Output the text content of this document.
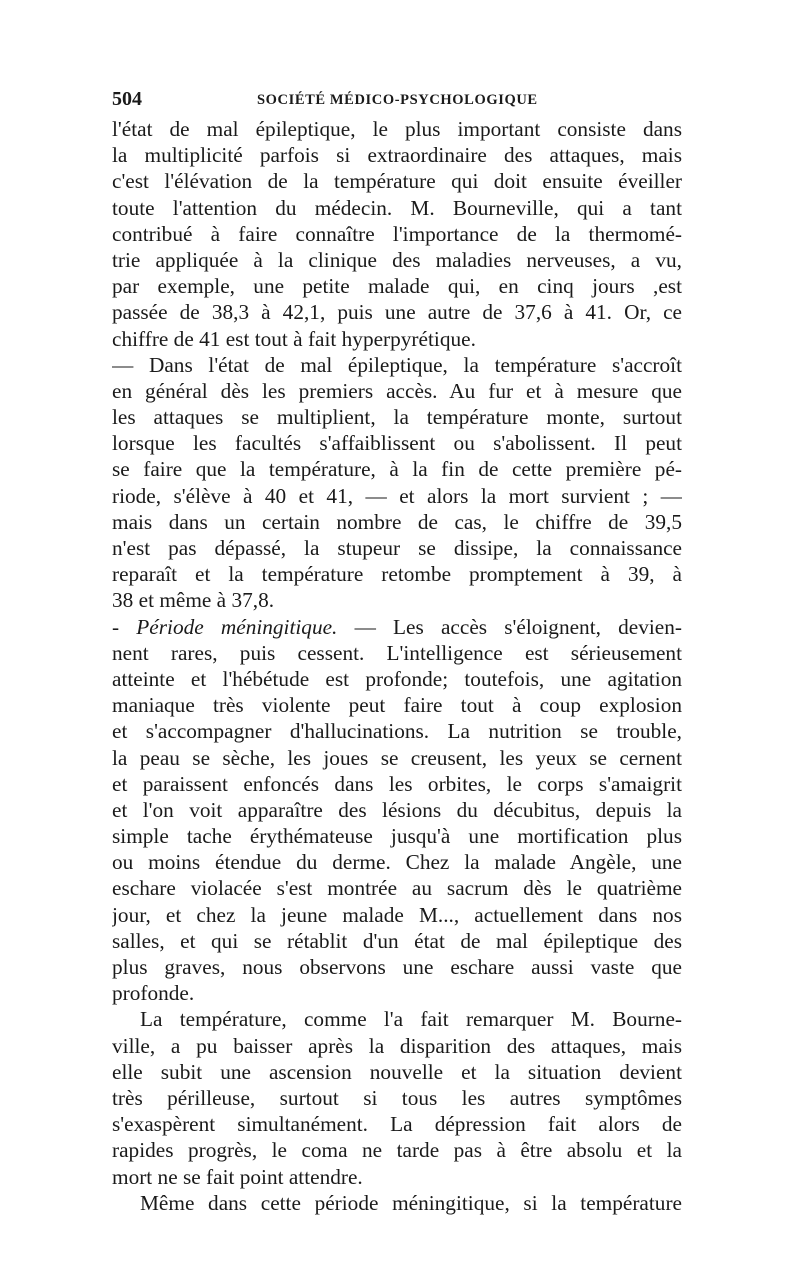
504	SOCIÉTÉ MÉDICO-PSYCHOLOGIQUE
l'état de mal épileptique, le plus important consiste dans
la multiplicité parfois si extraordinaire des attaques, mais
c'est l'élévation de la température qui doit ensuite éveiller
toute l'attention du médecin. M. Bourneville, qui a tant
contribué à faire connaître l'importance de la thermomé-
trie appliquée à la clinique des maladies nerveuses, a vu,
par exemple, une petite malade qui, en cinq jours ,est
passée de 38,3 à 42,1, puis une autre de 37,6 à 41. Or, ce
chiffre de 41 est tout à fait hyperpyrétique.
— Dans l'état de mal épileptique, la température s'accroît
en général dès les premiers accès. Au fur et à mesure que
les attaques se multiplient, la température monte, surtout
lorsque les facultés s'affaiblissent ou s'abolissent. Il peut
se faire que la température, à la fin de cette première pé-
riode, s'élève à 40 et 41, — et alors la mort survient ; —
mais dans un certain nombre de cas, le chiffre de 39,5
n'est pas dépassé, la stupeur se dissipe, la connaissance
reparaît et la température retombe promptement à 39, à
38 et même à 37,8.
- Période méningitique. — Les accès s'éloignent, devien-
nent rares, puis cessent. L'intelligence est sérieusement
atteinte et l'hébétude est profonde; toutefois, une agitation
maniaque très violente peut faire tout à coup explosion
et s'accompagner d'hallucinations. La nutrition se trouble,
la peau se sèche, les joues se creusent, les yeux se cernent
et paraissent enfoncés dans les orbites, le corps s'amaigrit
et l'on voit apparaître des lésions du décubitus, depuis la
simple tache érythémateuse jusqu'à une mortification plus
ou moins étendue du derme. Chez la malade Angèle, une
eschare violacée s'est montrée au sacrum dès le quatrième
jour, et chez la jeune malade M..., actuellement dans nos
salles, et qui se rétablit d'un état de mal épileptique des
plus graves, nous observons une eschare aussi vaste que
profonde.
La température, comme l'a fait remarquer M. Bourne-
ville, a pu baisser après la disparition des attaques, mais
elle subit une ascension nouvelle et la situation devient
très périlleuse, surtout si tous les autres symptômes
s'exaspèrent simultanément. La dépression fait alors de
rapides progrès, le coma ne tarde pas à être absolu et la
mort ne se fait point attendre.
Même dans cette période méningitique, si la température
